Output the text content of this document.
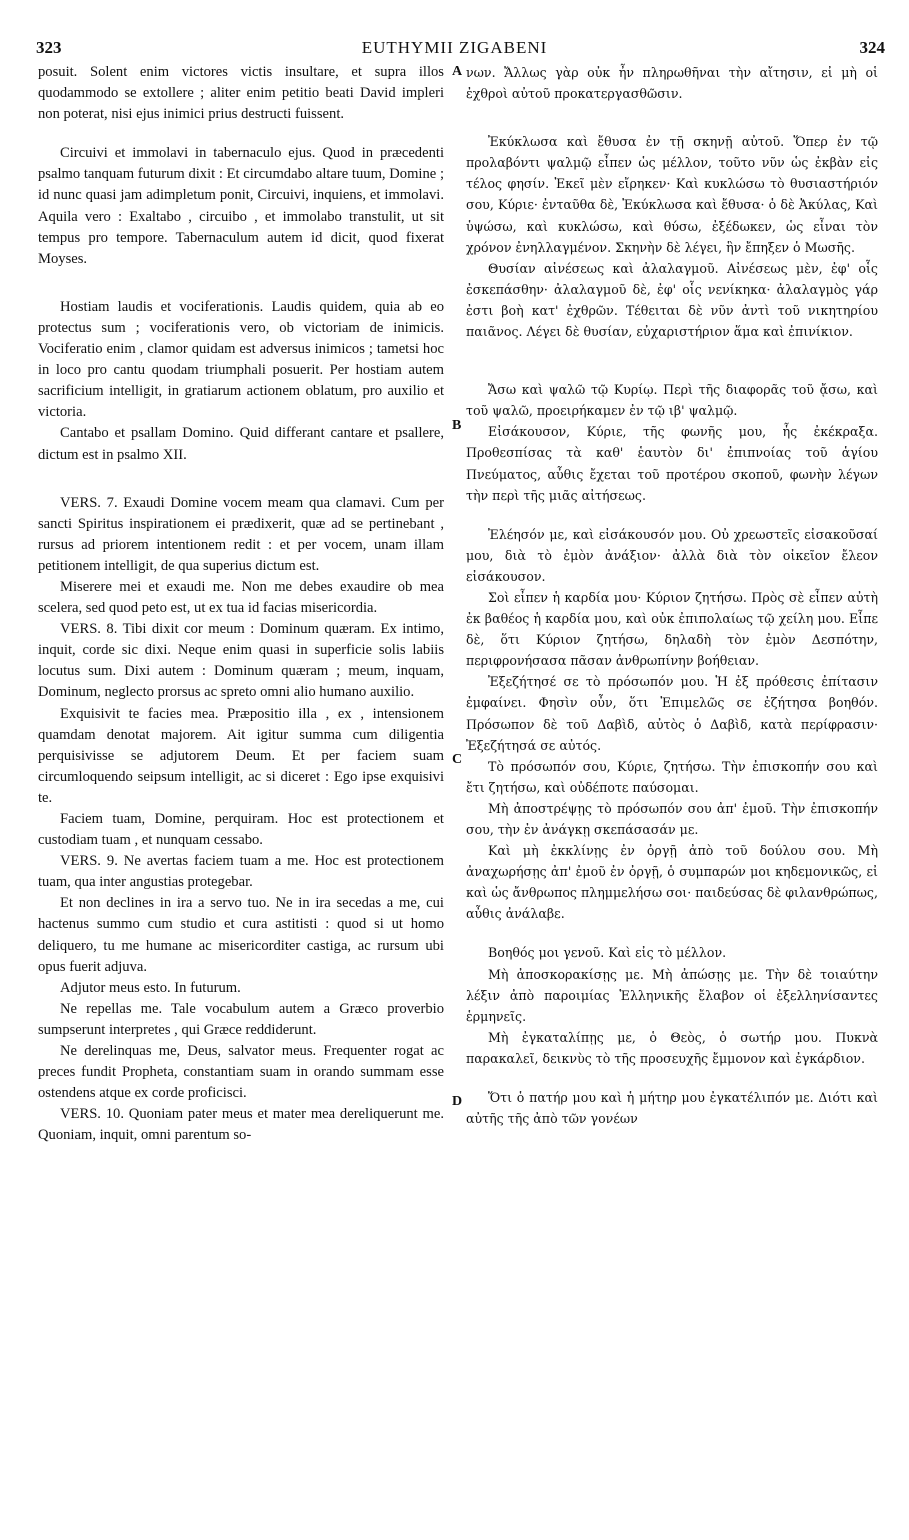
323	EUTHYMII ZIGABENI	324
A
B
C
D

posuit. Solent enim victores victis insultare, et supra illos quodammodo se extollere ; aliter enim petitio beati David impleri non poterat, nisi ejus inimici prius destructi fuissent.

Circuivi et immolavi in tabernaculo ejus. Quod in præcedenti psalmo tanquam futurum dixit : Et circumdabo altare tuum, Domine ; id nunc quasi jam adimpletum ponit, Circuivi, inquiens, et immolavi. Aquila vero : Exaltabo , circuibo , et immolabo transtulit, ut sit tempus pro tempore. Tabernaculum autem id dicit, quod fixerat Moyses.

Hostiam laudis et vociferationis. Laudis quidem, quia ab eo protectus sum ; vociferationis vero, ob victoriam de inimicis. Vociferatio enim , clamor quidam est adversus inimicos ; tametsi hoc in loco pro cantu quodam triumphali posuerit. Per hostiam autem sacrificium intelligit, in gratiarum actionem oblatum, pro auxilio et victoria.

Cantabo et psallam Domino. Quid differant cantare et psallere, dictum est in psalmo XII.

VERS. 7. Exaudi Domine vocem meam qua clamavi. Cum per sancti Spiritus inspirationem ei prædixerit, quæ ad se pertinebant , rursus ad priorem intentionem redit : et per vocem, unam illam petitionem intelligit, de qua superius dictum est.

Miserere mei et exaudi me. Non me debes exaudire ob mea scelera, sed quod peto est, ut ex tua id facias misericordia.

VERS. 8. Tibi dixit cor meum : Dominum quæram. Ex intimo, inquit, corde sic dixi. Neque enim quasi in superficie solis labiis locutus sum. Dixi autem : Dominum quæram ; meum, inquam, Dominum, neglecto prorsus ac spreto omni alio humano auxilio.

Exquisivit te facies mea. Præpositio illa , ex , intensionem quamdam denotat majorem. Ait igitur summa cum diligentia perquisivisse se adjutorem Deum. Et per faciem suam circumloquendo seipsum intelligit, ac si diceret : Ego ipse exquisivi te.

Faciem tuam, Domine, perquiram. Hoc est protectionem et custodiam tuam , et nunquam cessabo.

VERS. 9. Ne avertas faciem tuam a me. Hoc est protectionem tuam, qua inter angustias protegebar.

Et non declines in ira a servo tuo. Ne in ira secedas a me, cui hactenus summo cum studio et cura astitisti : quod si ut homo deliquero, tu me humane ac misericorditer castiga, ac rursum ubi opus fuerit adjuva.

Adjutor meus esto. In futurum.

Ne repellas me. Tale vocabulum autem a Græco proverbio sumpserunt interpretes , qui Græce reddiderunt.

Ne derelinquas me, Deus, salvator meus. Frequenter rogat ac preces fundit Propheta, constantiam suam in orando summam esse ostendens atque ex corde proficisci.

VERS. 10. Quoniam pater meus et mater mea dereliquerunt me. Quoniam, inquit, omni parentum so-

νων. Ἄλλως γὰρ οὐκ ἦν πληρωθῆναι τὴν αἴτησιν, εἰ μὴ οἱ ἐχθροὶ αὐτοῦ προκατεργασθῶσιν.

Ἐκύκλωσα καὶ ἔθυσα ἐν τῇ σκηνῇ αὐτοῦ. Ὅπερ ἐν τῷ προλαβόντι ψαλμῷ εἶπεν ὡς μέλλον, τοῦτο νῦν ὡς ἐκβὰν εἰς τέλος φησίν. Ἐκεῖ μὲν εἴρηκεν· Καὶ κυκλώσω τὸ θυσιαστήριόν σου, Κύριε· ἐνταῦθα δὲ, Ἐκύκλωσα καὶ ἔθυσα· ὁ δὲ Ἀκύλας, Καὶ ὑψώσω, καὶ κυκλώσω, καὶ θύσω, ἐξέδωκεν, ὡς εἶναι τὸν χρόνον ἐνηλλαγμένον. Σκηνὴν δὲ λέγει, ἣν ἔπηξεν ὁ Μωσῆς.

Θυσίαν αἰνέσεως καὶ ἀλαλαγμοῦ. Αἰνέσεως μὲν, ἐφ' οἷς ἐσκεπάσθην· ἀλαλαγμοῦ δὲ, ἐφ' οἷς νενίκηκα· ἀλαλαγμὸς γάρ ἐστι βοὴ κατ' ἐχθρῶν. Τέθειται δὲ νῦν ἀντὶ τοῦ νικητηρίου παιᾶνος. Λέγει δὲ θυσίαν, εὐχαριστήριον ἅμα καὶ ἐπινίκιον.

Ἄσω καὶ ψαλῶ τῷ Κυρίῳ. Περὶ τῆς διαφορᾶς τοῦ ᾄσω, καὶ τοῦ ψαλῶ, προειρήκαμεν ἐν τῷ ιβ' ψαλμῷ.

Εἰσάκουσον, Κύριε, τῆς φωνῆς μου, ἧς ἐκέκραξα. Προθεσπίσας τὰ καθ' ἑαυτὸν δι' ἐπιπνοίας τοῦ ἁγίου Πνεύματος, αὖθις ἔχεται τοῦ προτέρου σκοποῦ, φωνὴν λέγων τὴν περὶ τῆς μιᾶς αἰτήσεως.

Ἐλέησόν με, καὶ εἰσάκουσόν μου. Οὐ χρεωστεῖς εἰσακοῦσαί μου, διὰ τὸ ἐμὸν ἀνάξιον· ἀλλὰ διὰ τὸν οἰκεῖον ἔλεον εἰσάκουσον.

Σοὶ εἶπεν ἡ καρδία μου· Κύριον ζητήσω. Πρὸς σὲ εἶπεν αὐτὴ ἐκ βαθέος ἡ καρδία μου, καὶ οὐκ ἐπιπολαίως τῷ χείλη μου. Εἶπε δὲ, ὅτι Κύριον ζητήσω, δηλαδὴ τὸν ἐμὸν Δεσπότην, περιφρονήσασα πᾶσαν ἀνθρωπίνην βοήθειαν.

Ἐξεζήτησέ σε τὸ πρόσωπόν μου. Ἡ ἐξ πρόθεσις ἐπίτασιν ἐμφαίνει. Φησὶν οὖν, ὅτι Ἐπιμελῶς σε ἐζήτησα βοηθόν. Πρόσωπον δὲ τοῦ Δαβὶδ, αὐτὸς ὁ Δαβὶδ, κατὰ περίφρασιν· Ἐξεζήτησά σε αὐτός.

Τὸ πρόσωπόν σου, Κύριε, ζητήσω. Τὴν ἐπισκοπήν σου καὶ ἔτι ζητήσω, καὶ οὐδέποτε παύσομαι.

Μὴ ἀποστρέψῃς τὸ πρόσωπόν σου ἀπ' ἐμοῦ. Τὴν ἐπισκοπήν σου, τὴν ἐν ἀνάγκῃ σκεπάσασάν με.

Καὶ μὴ ἐκκλίνῃς ἐν ὀργῇ ἀπὸ τοῦ δούλου σου. Μὴ ἀναχωρήσῃς ἀπ' ἐμοῦ ἐν ὀργῇ, ὁ συμπαρών μοι κηδεμονικῶς, εἰ καὶ ὡς ἄνθρωπος πλημμελήσω σοι· παιδεύσας δὲ φιλανθρώπως, αὖθις ἀνάλαβε.

Βοηθός μοι γενοῦ. Καὶ εἰς τὸ μέλλον.

Μὴ ἀποσκορακίσῃς με. Μὴ ἀπώσῃς με. Τὴν δὲ τοιαύτην λέξιν ἀπὸ παροιμίας Ἑλληνικῆς ἔλαβον οἱ ἐξελληνίσαντες ἑρμηνεῖς.

Μὴ ἐγκαταλίπῃς με, ὁ Θεὸς, ὁ σωτήρ μου. Πυκνὰ παρακαλεῖ, δεικνὺς τὸ τῆς προσευχῆς ἔμμονον καὶ ἐγκάρδιον.

Ὅτι ὁ πατήρ μου καὶ ἡ μήτηρ μου ἐγκατέλιπόν με. Διότι καὶ αὐτῆς τῆς ἀπὸ τῶν γονέων
